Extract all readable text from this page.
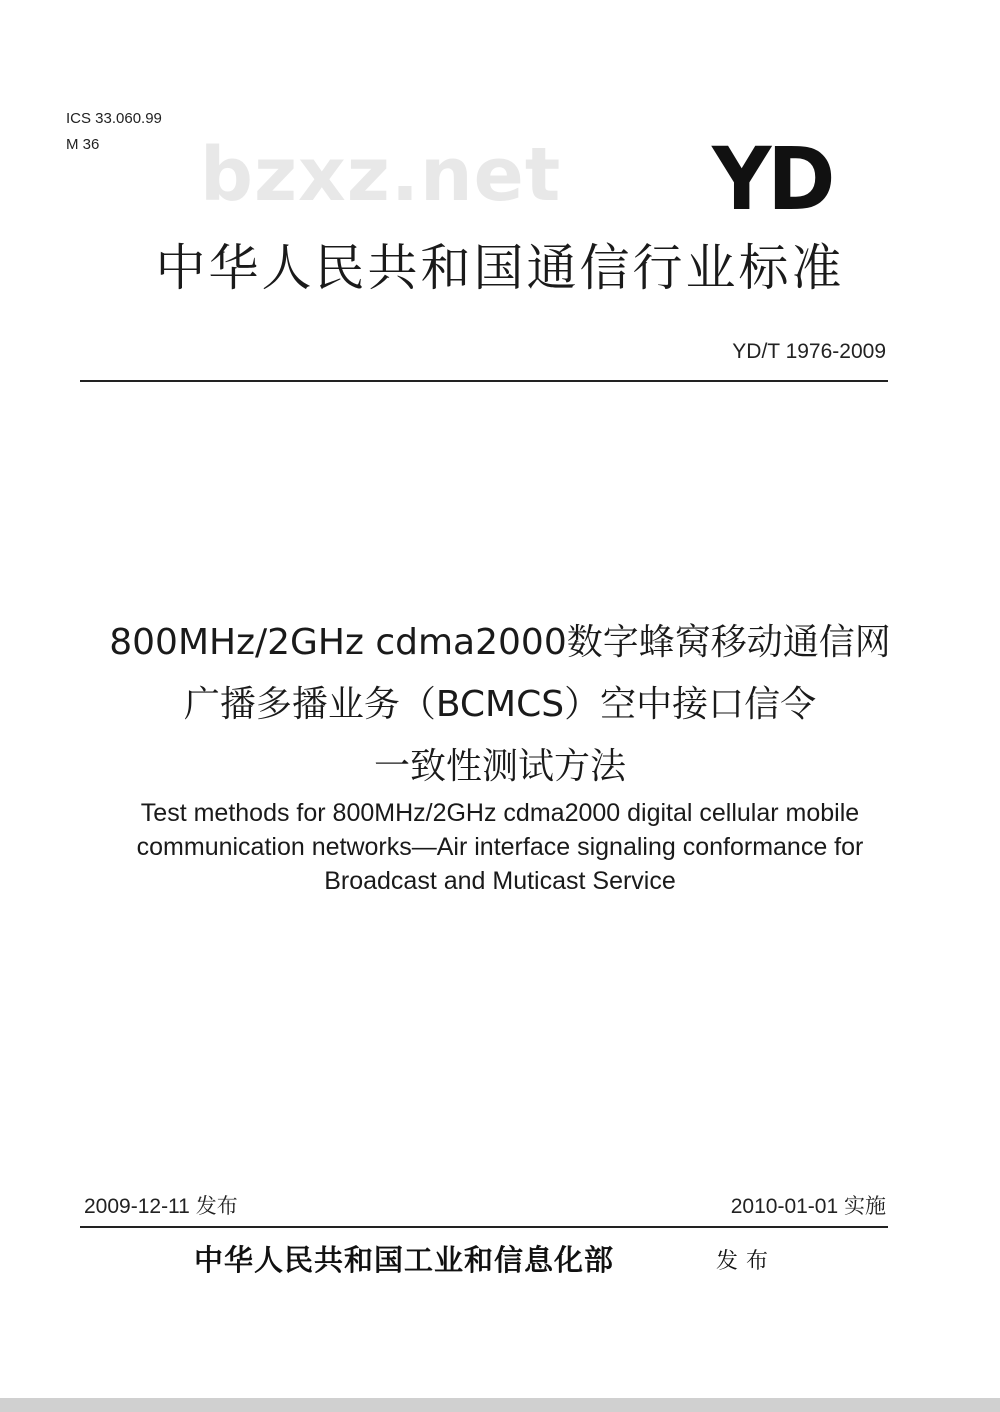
ICS 33.060.99
M 36	bzxz.net YD
中华人民共和国通信行业标准
YD/T 1976-2009
800MHz/2GHz cdma2000数字蜂窝移动通信网
广播多播业务（BCMCS）空中接口信令
一致性测试方法
Test methods for 800MHz/2GHz cdma2000 digital cellular mobile
communication networks—Air interface signaling conformance for
Broadcast and Muticast Service
2009-12-11 发布	2010-01-01 实施
中华人民共和国工业和信息化部	发布
